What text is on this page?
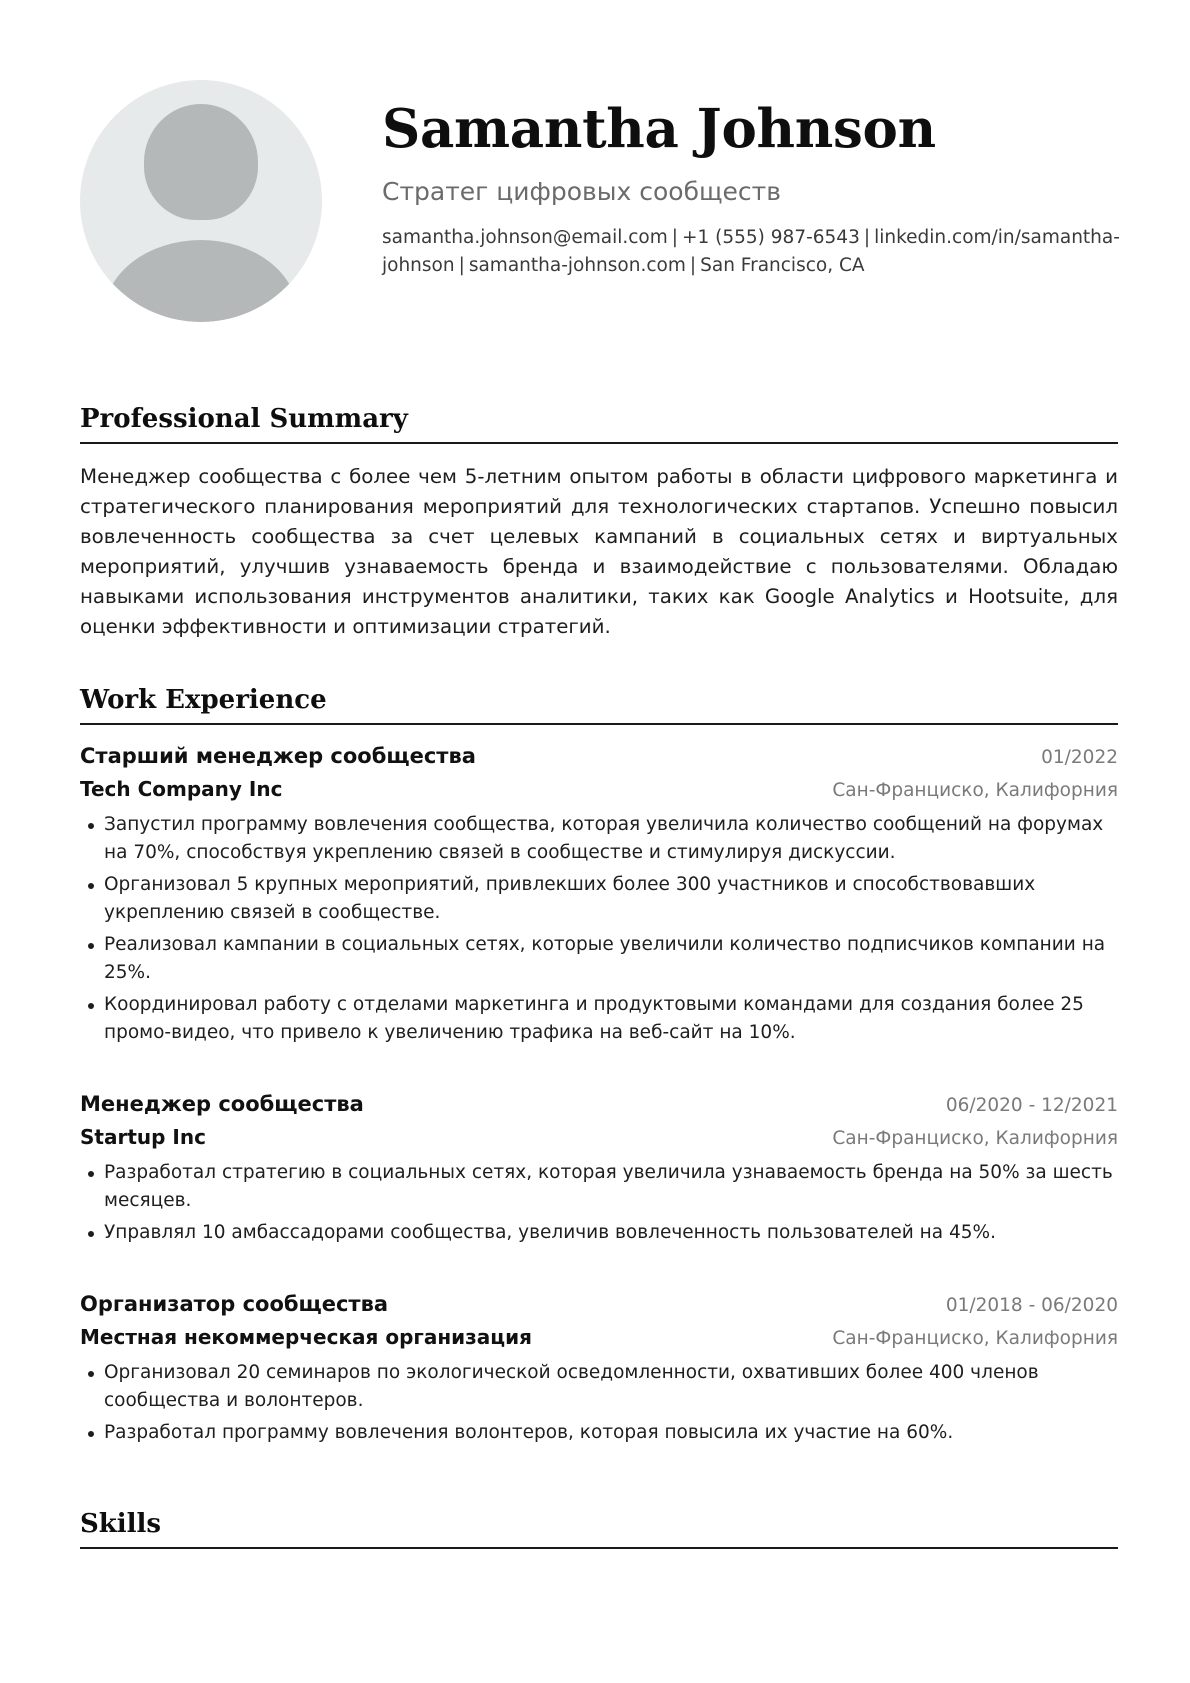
Samantha Johnson
Стратег цифровых сообществ
samantha.johnson@email.com | +1 (555) 987-6543 | linkedin.com/in/samantha-johnson | samantha-johnson.com | San Francisco, CA
Professional Summary
Менеджер сообщества с более чем 5-летним опытом работы в области цифрового маркетинга и стратегического планирования мероприятий для технологических стартапов. Успешно повысил вовлеченность сообщества за счет целевых кампаний в социальных сетях и виртуальных мероприятий, улучшив узнаваемость бренда и взаимодействие с пользователями. Обладаю навыками использования инструментов аналитики, таких как Google Analytics и Hootsuite, для оценки эффективности и оптимизации стратегий.
Work Experience
Старший менеджер сообщества	01/2022
Tech Company Inc	Сан-Франциско, Калифорния
Запустил программу вовлечения сообщества, которая увеличила количество сообщений на форумах на 70%, способствуя укреплению связей в сообществе и стимулируя дискуссии.
Организовал 5 крупных мероприятий, привлекших более 300 участников и способствовавших укреплению связей в сообществе.
Реализовал кампании в социальных сетях, которые увеличили количество подписчиков компании на 25%.
Координировал работу с отделами маркетинга и продуктовыми командами для создания более 25 промо-видео, что привело к увеличению трафика на веб-сайт на 10%.
Менеджер сообщества	06/2020 - 12/2021
Startup Inc	Сан-Франциско, Калифорния
Разработал стратегию в социальных сетях, которая увеличила узнаваемость бренда на 50% за шесть месяцев.
Управлял 10 амбассадорами сообщества, увеличив вовлеченность пользователей на 45%.
Организатор сообщества	01/2018 - 06/2020
Местная некоммерческая организация	Сан-Франциско, Калифорния
Организовал 20 семинаров по экологической осведомленности, охвативших более 400 членов сообщества и волонтеров.
Разработал программу вовлечения волонтеров, которая повысила их участие на 60%.
Skills
